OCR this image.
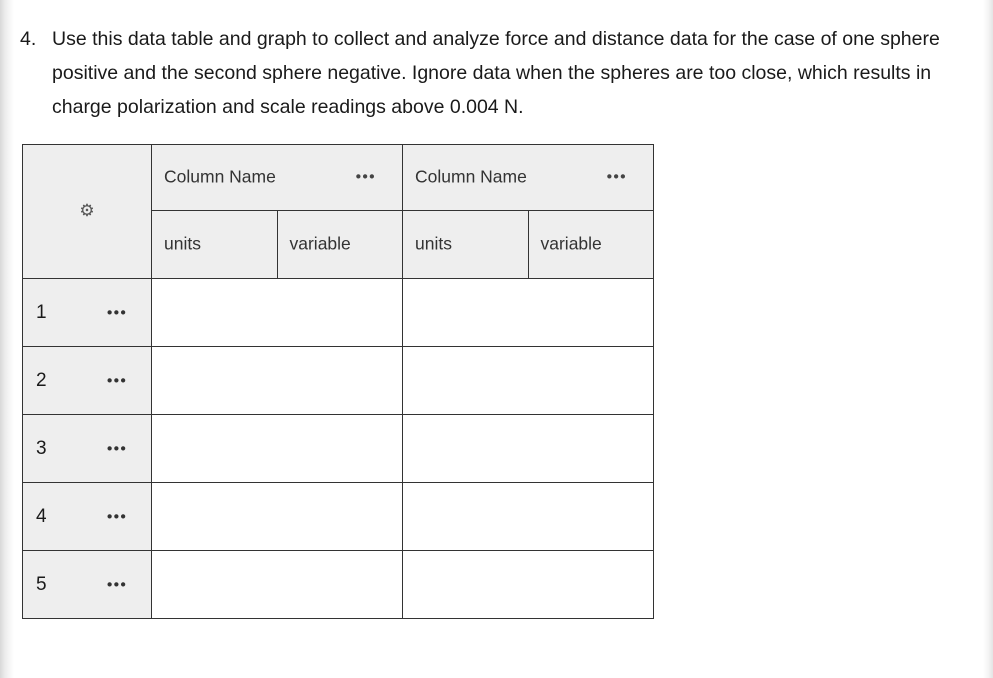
4. Use this data table and graph to collect and analyze force and distance data for the case of one sphere positive and the second sphere negative. Ignore data when the spheres are too close, which results in charge polarization and scale readings above 0.004 N.
⚙	Column Name •••		Column Name •••	

	units	variable	units	variable

1 •••				

2 •••				

3 •••				

4 •••				

5 •••				
